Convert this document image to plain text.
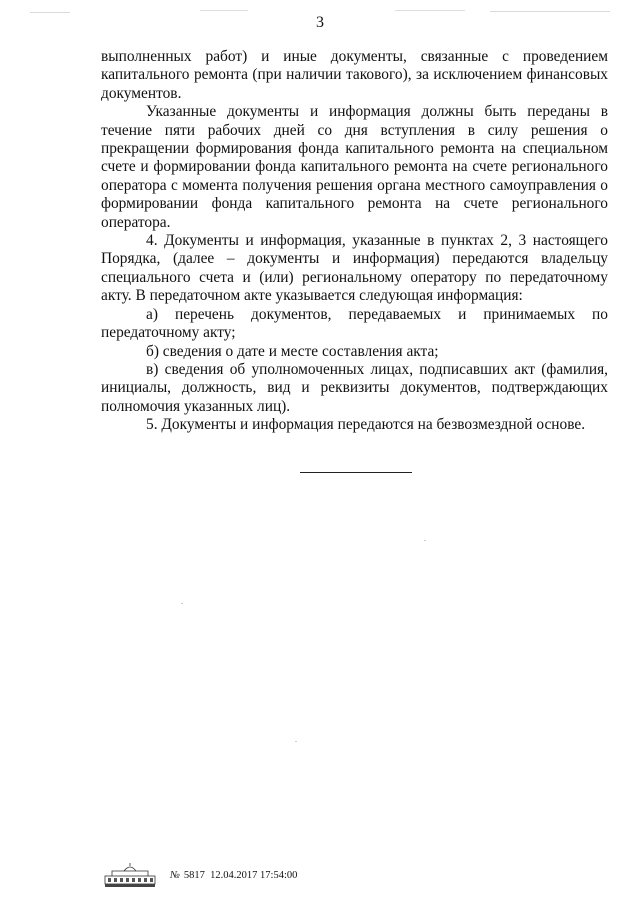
3

выполненных работ) и иные документы, связанные с проведением капитального ремонта (при наличии такового), за исключением финансовых документов.

Указанные документы и информация должны быть переданы в течение пяти рабочих дней со дня вступления в силу решения о прекращении формирования фонда капитального ремонта на специальном счете и формировании фонда капитального ремонта на счете регионального оператора с момента получения решения органа местного самоуправления о формировании фонда капитального ремонта на счете регионального оператора.

4. Документы и информация, указанные в пунктах 2, 3 настоящего Порядка, (далее – документы и информация) передаются владельцу специального счета и (или) региональному оператору по передаточному акту. В передаточном акте указывается следующая информация:

а) перечень документов, передаваемых и принимаемых по передаточному акту;

б) сведения о дате и месте составления акта;

в) сведения об уполномоченных лицах, подписавших акт (фамилия, инициалы, должность, вид и реквизиты документов, подтверждающих полномочия указанных лиц).

5. Документы и информация передаются на безвозмездной основе.

№ 5817 12.04.2017 17:54:00
